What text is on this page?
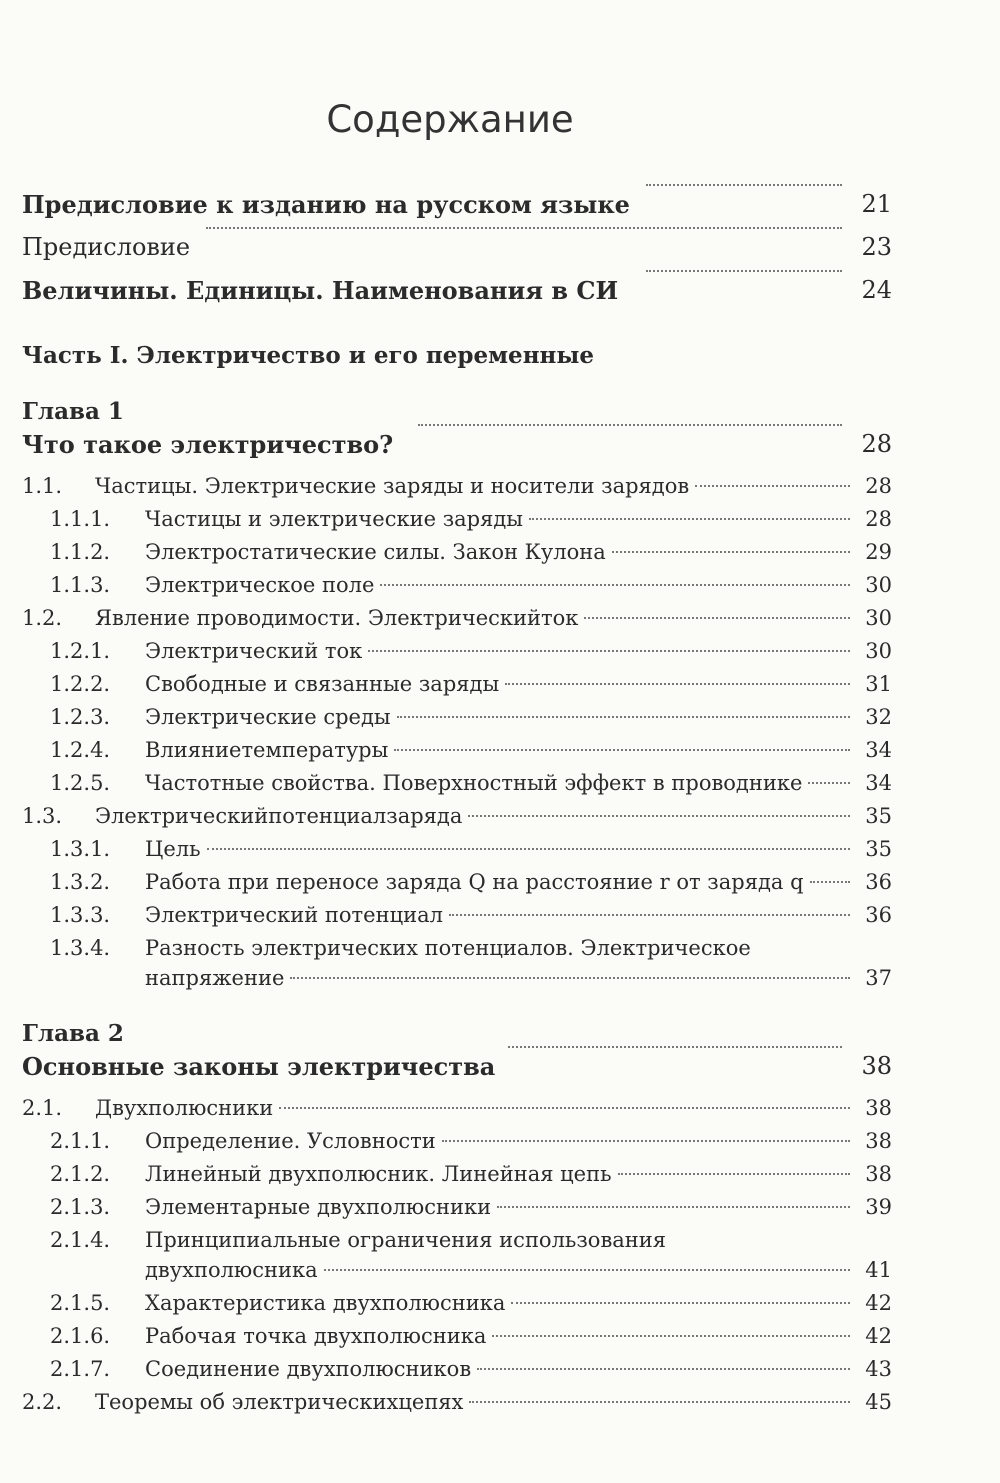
Содержание
Предисловие к изданию на русском языке	21
Предисловие	23
Величины. Единицы. Наименования в СИ	24
Часть I. Электричество и его переменные
Глава 1
Что такое электричество?	28
1.1. Частицы. Электрические заряды и носители зарядов	28
1.1.1. Частицы и электрические заряды	28
1.1.2. Электростатические силы. Закон Кулона	29
1.1.3. Электрическое поле	30
1.2. Явление проводимости. Электрическийток	30
1.2.1. Электрический ток	30
1.2.2. Свободные и связанные заряды	31
1.2.3. Электрические среды	32
1.2.4. Влияниетемпературы	34
1.2.5. Частотные свойства. Поверхностный эффект в проводнике	34
1.3. Электрическийпотенциалзаряда	35
1.3.1. Цель	35
1.3.2. Работа при переносе заряда Q на расстояние r от заряда q	36
1.3.3. Электрический потенциал	36
1.3.4. Разность электрических потенциалов. Электрическое
напряжение	37
Глава 2
Основные законы электричества	38
2.1. Двухполюсники	38
2.1.1. Определение. Условности	38
2.1.2. Линейный двухполюсник. Линейная цепь	38
2.1.3. Элементарные двухполюсники	39
2.1.4. Принципиальные ограничения использования
двухполюсника	41
2.1.5. Характеристика двухполюсника	42
2.1.6. Рабочая точка двухполюсника	42
2.1.7. Соединение двухполюсников	43
2.2. Теоремы об электрическихцепях	45
